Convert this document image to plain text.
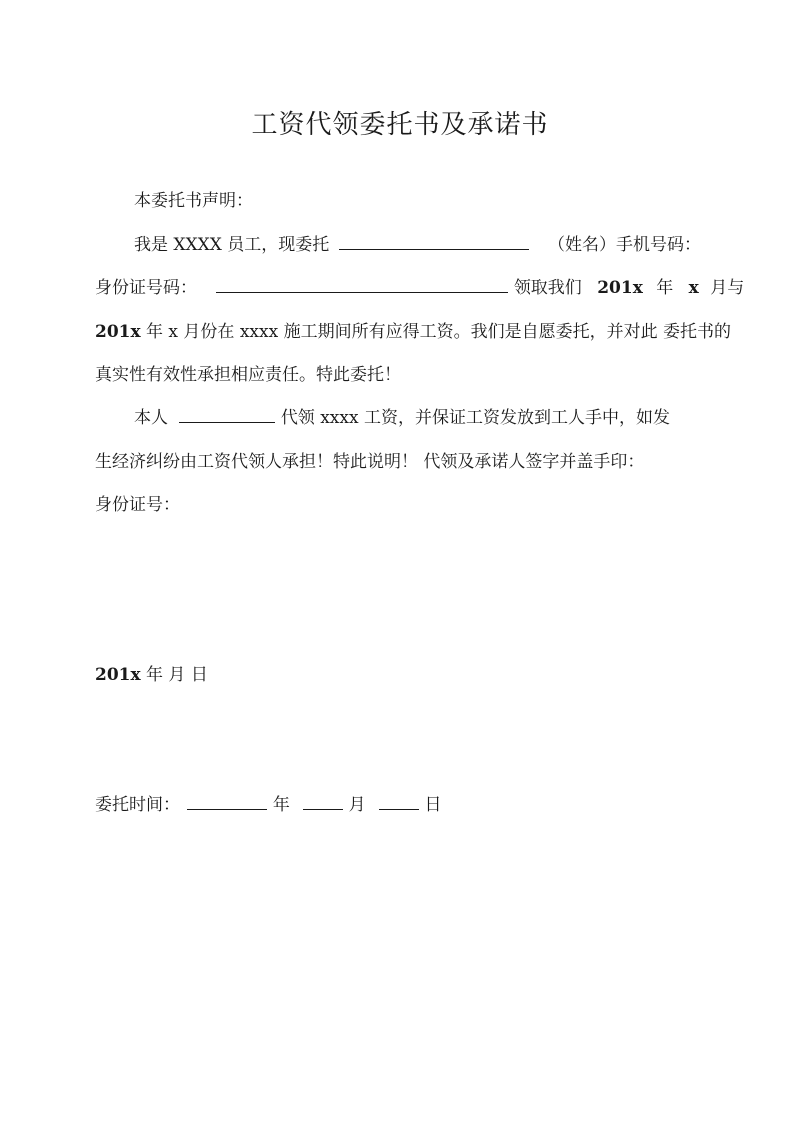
工资代领委托书及承诺书
本委托书声明：
我是 XXXX 员工，现委托	（姓名）手机号码：
身份证号码：	领取我们 201x 年 x 月与
201x 年 x 月份在 xxxx 施工期间所有应得工资。我们是自愿委托，并对此 委托书的
真实性有效性承担相应责任。特此委托！
本人	代领 xxxx 工资，并保证工资发放到工人手中，如发
生经济纠纷由工资代领人承担！特此说明！ 代领及承诺人签字并盖手印：
身份证号：
201x 年 月 日
委托时间：	年	月	日
